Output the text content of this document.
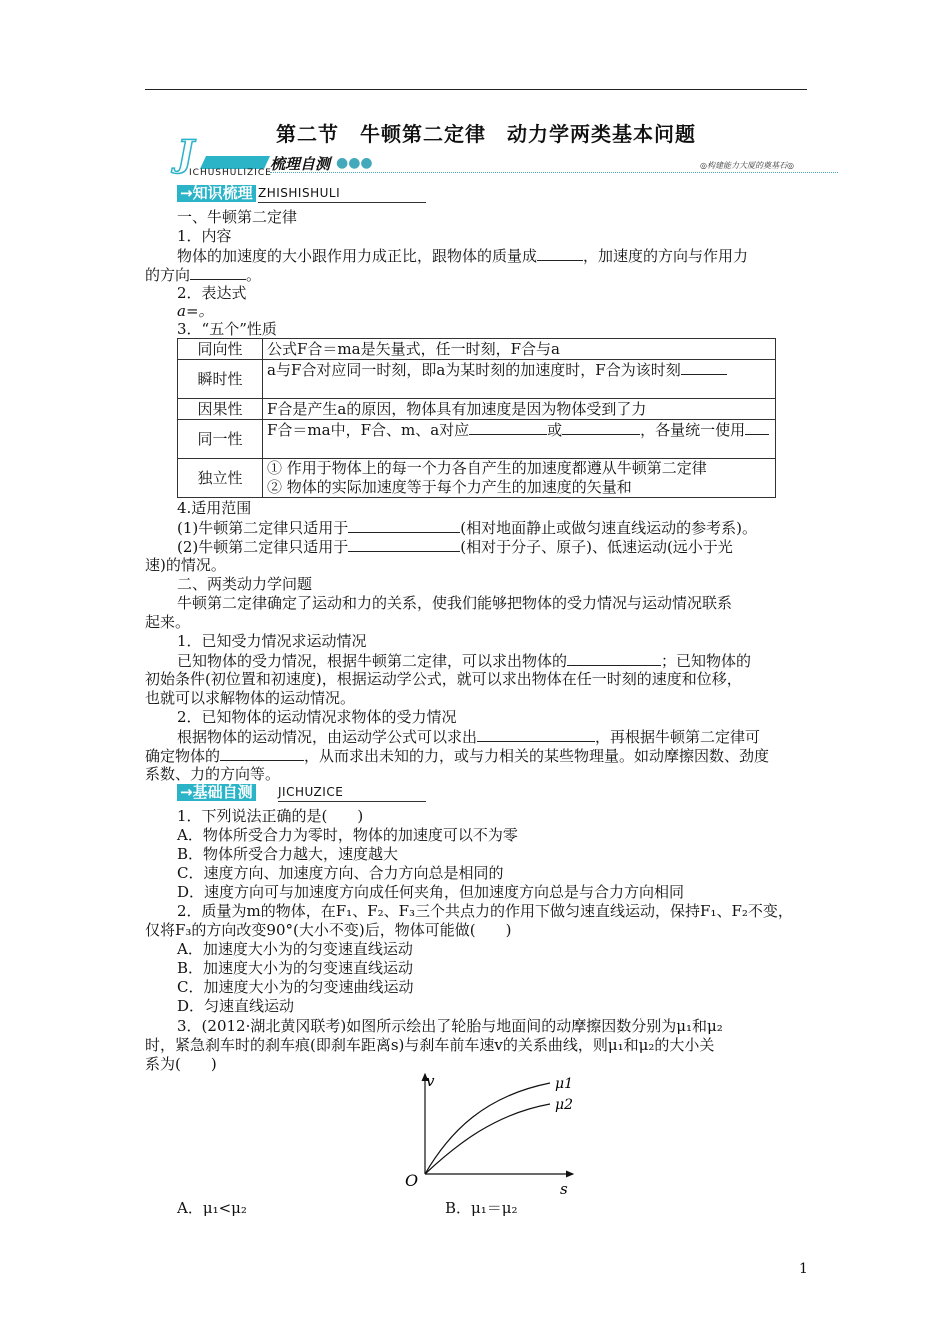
第二节　牛顿第二定律　动力学两类基本问题
J
ICHUSHULIZICE
梳理自测 ●●●	◎构建能力大厦的奠基石◎
→知识梳理 ZHISHISHULI
一、牛顿第二定律
1．内容
物体的加速度的大小跟作用力成正比，跟物体的质量成	，加速度的方向与作用力
的方向	。
2．表达式
a=。
3．“五个”性质
同向性	公式F合＝ma是矢量式，任一时刻，F合与a
瞬时性	a与F合对应同一时刻，即a为某时刻的加速度时，F合为该时刻
因果性	F合是产生a的原因，物体具有加速度是因为物体受到了力
同一性	F合＝ma中，F合、m、a对应 或 ，各量统一使用
独立性	① 作用于物体上的每一个力各自产生的加速度都遵从牛顿第二定律
② 物体的实际加速度等于每个力产生的加速度的矢量和
4.适用范围
(1)牛顿第二定律只适用于	(相对地面静止或做匀速直线运动的参考系)。
(2)牛顿第二定律只适用于	(相对于分子、原子)、低速运动(远小于光
速)的情况。
二、两类动力学问题
牛顿第二定律确定了运动和力的关系，使我们能够把物体的受力情况与运动情况联系
起来。
1．已知受力情况求运动情况
已知物体的受力情况，根据牛顿第二定律，可以求出物体的	；已知物体的
初始条件(初位置和初速度)，根据运动学公式，就可以求出物体在任一时刻的速度和位移，
也就可以求解物体的运动情况。
2．已知物体的运动情况求物体的受力情况
根据物体的运动情况，由运动学公式可以求出	，再根据牛顿第二定律可
确定物体的	，从而求出未知的力，或与力相关的某些物理量。如动摩擦因数、劲度
系数、力的方向等。
→基础自测 JICHUZICE
1．下列说法正确的是(　　)
A．物体所受合力为零时，物体的加速度可以不为零
B．物体所受合力越大，速度越大
C．速度方向、加速度方向、合力方向总是相同的
D．速度方向可与加速度方向成任何夹角，但加速度方向总是与合力方向相同
2．质量为m的物体，在F₁、F₂、F₃三个共点力的作用下做匀速直线运动，保持F₁、F₂不变，
仅将F₃的方向改变90°(大小不变)后，物体可能做(　　)
A．加速度大小为的匀变速直线运动
B．加速度大小为的匀变速直线运动
C．加速度大小为的匀变速曲线运动
D．匀速直线运动
3．(2012·湖北黄冈联考)如图所示绘出了轮胎与地面间的动摩擦因数分别为μ₁和μ₂
时，紧急刹车时的刹车痕(即刹车距离s)与刹车前车速v的关系曲线，则μ₁和μ₂的大小关
系为(　　)
v
s
O
μ1
μ2
A．μ₁<μ₂	B．μ₁＝μ₂
1
